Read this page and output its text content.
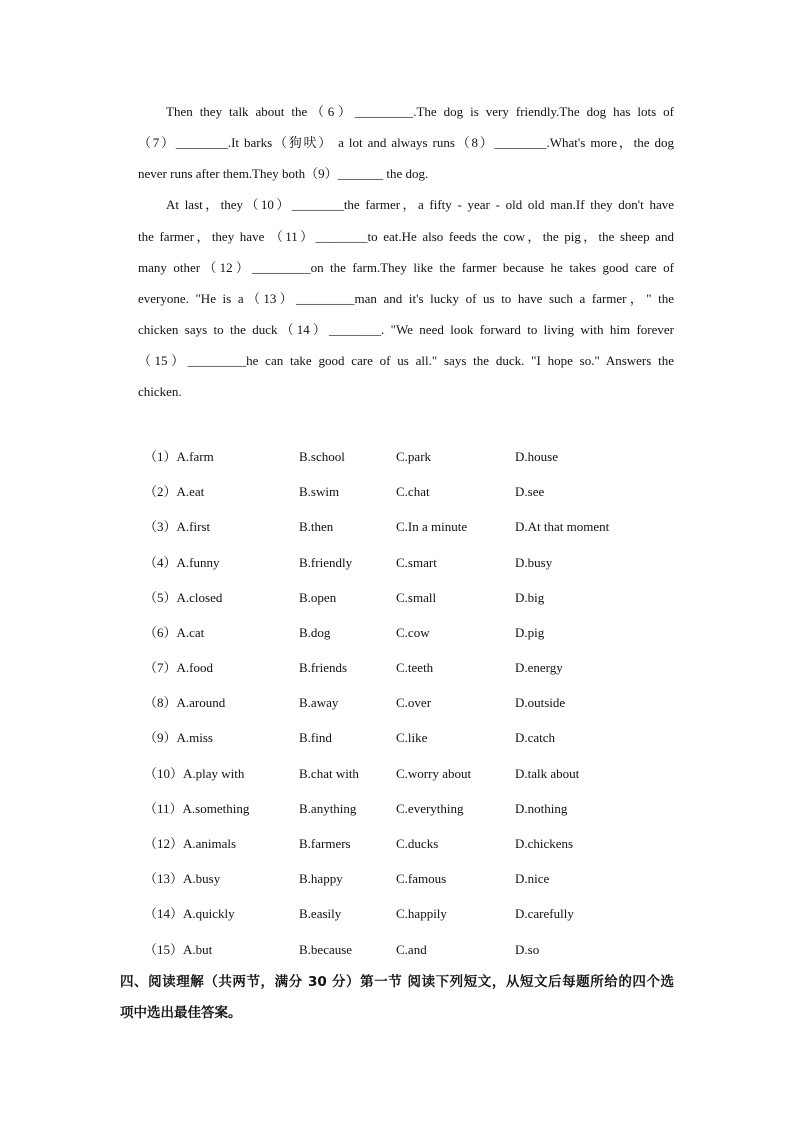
Then they talk about the（6）_________.The dog is very friendly.The dog has lots of
（7）________.It barks（狗吠） a lot and always runs（8）________.What's more，the dog
never runs after them.They both（9）_______ the dog.
At last，they（10）________the farmer，a fifty - year - old old man.If they don't have
the farmer，they have （11）________to eat.He also feeds the cow，the pig，the sheep and
many other（12）_________on the farm.They like the farmer because he takes good care of
everyone. "He is a（13）_________man and it's lucky of us to have such a farmer，" the
chicken says to the duck（14）________. "We need look forward to living with him forever
（15）_________he can take good care of us all." says the duck. "I hope so." Answers the
chicken.
（1）A.farm	B.school	C.park	D.house
（2）A.eat	B.swim	C.chat	D.see
（3）A.first	B.then	C.In a minute	D.At that moment
（4）A.funny	B.friendly	C.smart	D.busy
（5）A.closed	B.open	C.small	D.big
（6）A.cat	B.dog	C.cow	D.pig
（7）A.food	B.friends	C.teeth	D.energy
（8）A.around	B.away	C.over	D.outside
（9）A.miss	B.find	C.like	D.catch
（10）A.play with	B.chat with	C.worry about	D.talk about
（11）A.something	B.anything	C.everything	D.nothing
（12）A.animals	B.farmers	C.ducks	D.chickens
（13）A.busy	B.happy	C.famous	D.nice
（14）A.quickly	B.easily	C.happily	D.carefully
（15）A.but	B.because	C.and	D.so
四、阅读理解（共两节，满分 30 分）第一节 阅读下列短文，从短文后每题所给的四个选
项中选出最佳答案。
